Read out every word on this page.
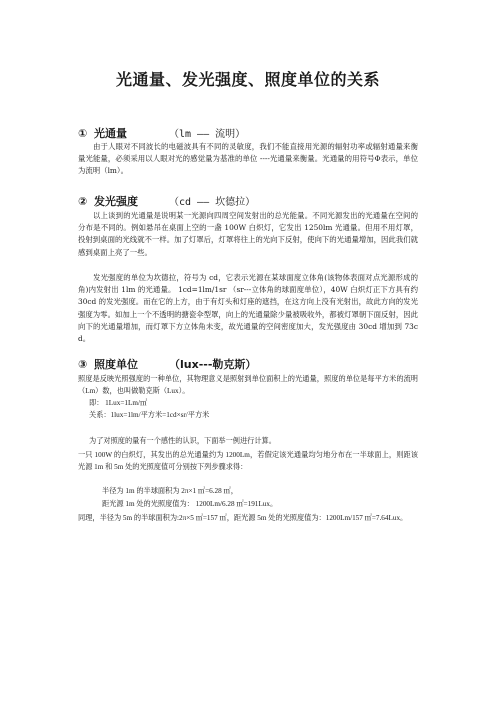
光通量、发光强度、照度单位的关系
① 光通量	（lm —— 流明）

由于人眼对不同波长的电磁波具有不同的灵敏度，我们不能直接用光源的辐射功率或辐射通量来衡量光能量，必须采用以人眼对光的感觉量为基准的单位 ----光通量来衡量。光通量的用符号Φ表示，单位为流明（lm）。

② 发光强度	（cd —— 坎德拉）

以上谈到的光通量是说明某一光源向四周空间发射出的总光能量。不同光源发出的光通量在空间的分布是不同的。例如悬吊在桌面上空的一盏 100W 白炽灯，它发出 1250lm 光通量。但用不用灯罩，投射到桌面的光线就不一样。加了灯罩后，灯罩将往上的光向下反射，使向下的光通量增加，因此我们就感到桌面上亮了一些。

发光强度的单位为坎德拉，符号为 cd，它表示光源在某球面度立体角(该物体表面对点光源形成的角)内发射出 1lm 的光通量。 1cd=1lm/1sr （sr---立体角的球面度单位），40W 白炽灯正下方具有约 30cd 的发光强度。而在它的上方，由于有灯头和灯座的遮挡，在这方向上没有光射出，故此方向的发光强度为零。如加上一个不透明的搪瓷伞型罩，向上的光通量除少量被吸收外，都被灯罩朝下面反射，因此向下的光通量增加，而灯罩下方立体角未变，故光通量的空间密度加大，发光强度由 30cd 增加到 73cd。

③ 照度单位	（lux---勒克斯）

照度是反映光照强度的一种单位，其物理意义是照射到单位面积上的光通量，照度的单位是每平方米的流明（Lm）数，也叫做勒克斯（Lux）。

即： 1Lux=1Lm/㎡

关系：1lux=1lm/平方米=1cd×sr/平方米

为了对照度的量有一个感性的认识，下面举一例进行计算。

一只 100W 的白炽灯，其发出的总光通量约为 1200Lm，若假定该光通量均匀地分布在一半球面上，则距该光源 1m 和 5m 处的光照度值可分别按下列步骤求得：

半径为 1m 的半球面积为 2π×1 ㎡=6.28 ㎡，

距光源 1m 处的光照度值为： 1200Lm/6.28 ㎡=191Lux。

同理，半径为 5m 的半球面积为:2π×5 ㎡=157 ㎡，距光源 5m 处的光照度值为：1200Lm/157 ㎡=7.64Lux。
